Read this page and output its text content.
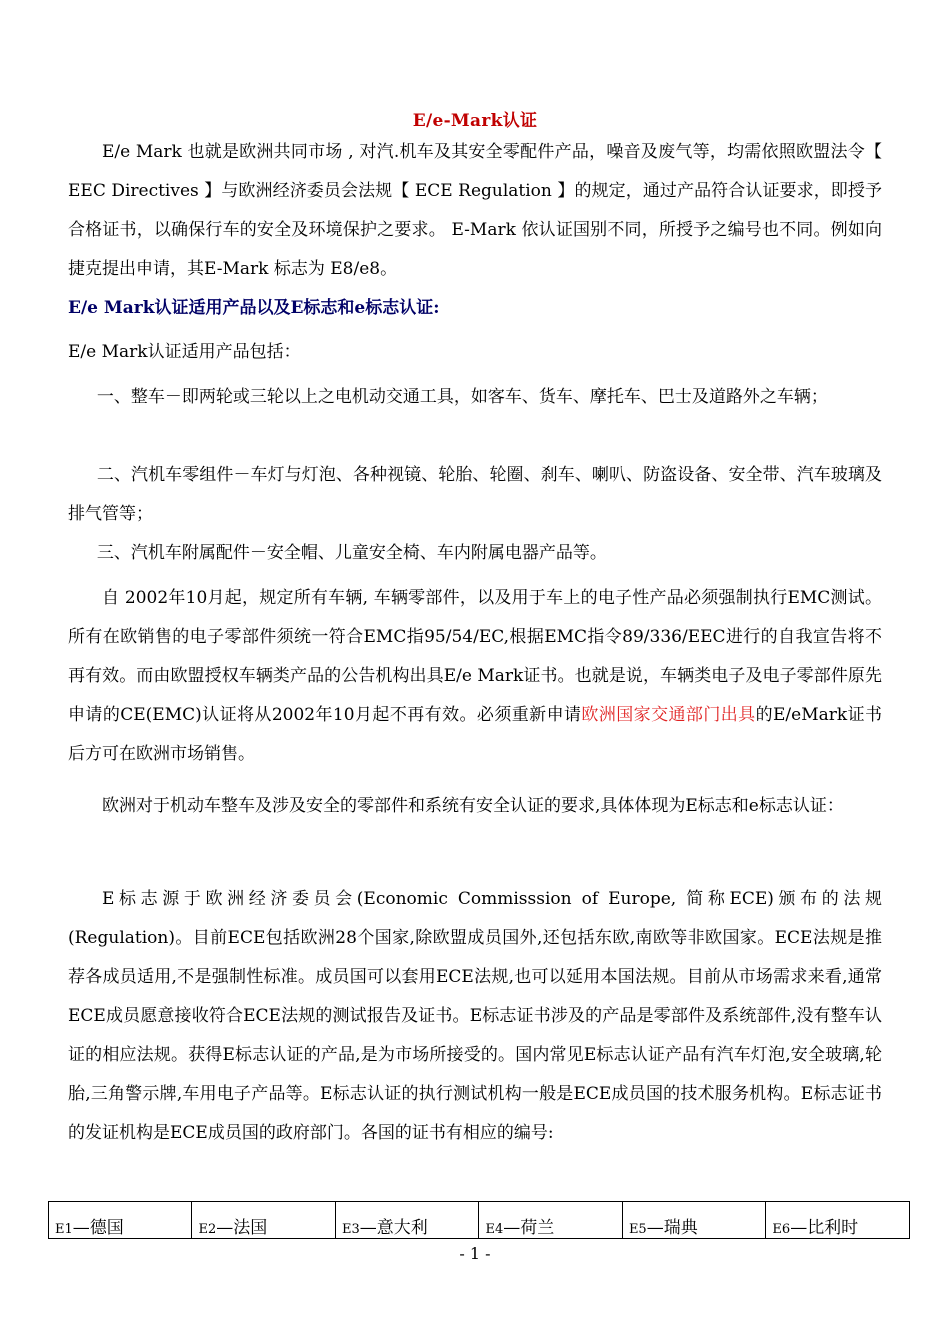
E/e-Mark认证

E/e Mark 也就是欧洲共同市场 , 对汽.机车及其安全零配件产品，噪音及废气等，均需依照欧盟法令【 EEC Directives 】与欧洲经济委员会法规【 ECE Regulation 】的规定，通过产品符合认证要求，即授予合格证书，以确保行车的安全及环境保护之要求。 E-Mark 依认证国别不同，所授予之编号也不同。例如向捷克提出申请，其E-Mark 标志为 E8/e8。

E/e Mark认证适用产品以及E标志和e标志认证:

E/e Mark认证适用产品包括：

一、整车－即两轮或三轮以上之电机动交通工具，如客车、货车、摩托车、巴士及道路外之车辆；

二、汽机车零组件－车灯与灯泡、各种视镜、轮胎、轮圈、刹车、喇叭、防盗设备、安全带、汽车玻璃及排气管等；

三、汽机车附属配件－安全帽、儿童安全椅、车内附属电器产品等。

自 2002年10月起，规定所有车辆, 车辆零部件，以及用于车上的电子性产品必须强制执行EMC测试。所有在欧销售的电子零部件须统一符合EMC指95/54/EC,根据EMC指令89/336/EEC进行的自我宣告将不再有效。而由欧盟授权车辆类产品的公告机构出具E/e Mark证书。也就是说，车辆类电子及电子零部件原先申请的CE(EMC)认证将从2002年10月起不再有效。必须重新申请欧洲国家交通部门出具的E/eMark证书后方可在欧洲市场销售。

欧洲对于机动车整车及涉及安全的零部件和系统有安全认证的要求,具体体现为E标志和e标志认证：

E标志源于欧洲经济委员会(Economic Commisssion of Europe, 简称ECE)颁布的法规(Regulation)。目前ECE包括欧洲28个国家,除欧盟成员国外,还包括东欧,南欧等非欧国家。ECE法规是推荐各成员适用,不是强制性标准。成员国可以套用ECE法规,也可以延用本国法规。目前从市场需求来看,通常ECE成员愿意接收符合ECE法规的测试报告及证书。E标志证书涉及的产品是零部件及系统部件,没有整车认证的相应法规。获得E标志认证的产品,是为市场所接受的。国内常见E标志认证产品有汽车灯泡,安全玻璃,轮胎,三角警示牌,车用电子产品等。E标志认证的执行测试机构一般是ECE成员国的技术服务机构。E标志证书的发证机构是ECE成员国的政府部门。各国的证书有相应的编号:

E1—德国	E2—法国	E3—意大利	E4—荷兰	E5—瑞典	E6—比利时
- 1 -
